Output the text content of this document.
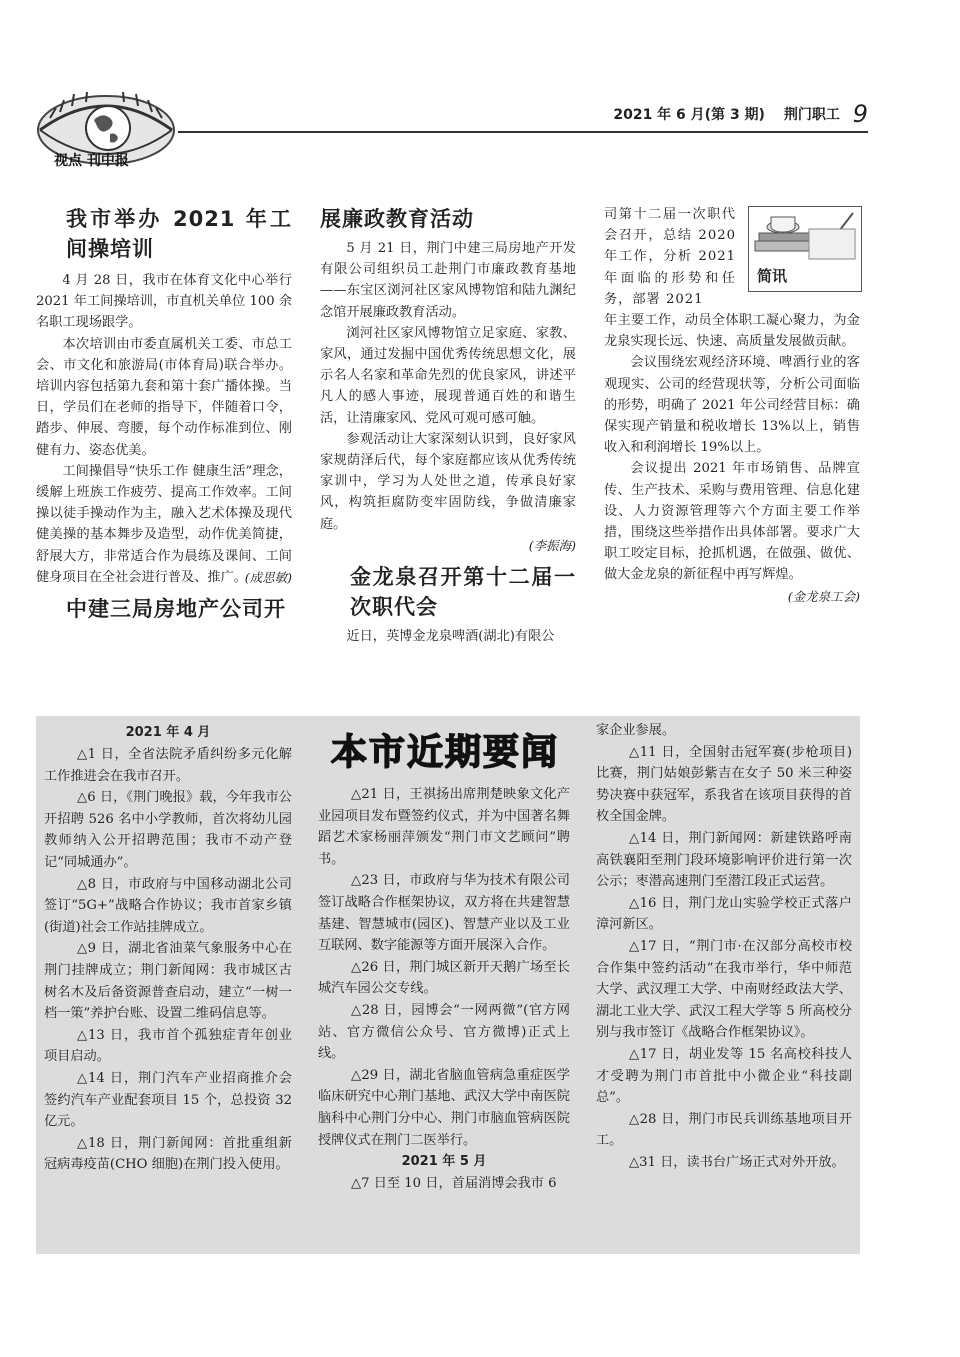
视点 刊中报
2021 年 6 月(第 3 期) 荆门职工 9
我市举办 2021 年工间操培训

4 月 28 日，我市在体育文化中心举行 2021 年工间操培训，市直机关单位 100 余名职工现场跟学。

本次培训由市委直属机关工委、市总工会、市文化和旅游局(市体育局)联合举办。培训内容包括第九套和第十套广播体操。当日，学员们在老师的指导下，伴随着口令，踏步、伸展、弯腰，每个动作标准到位、刚健有力、姿态优美。

工间操倡导“快乐工作 健康生活”理念，缓解上班族工作疲劳、提高工作效率。工间操以徒手操动作为主，融入艺术体操及现代健美操的基本舞步及造型，动作优美简捷，舒展大方，非常适合作为晨练及课间、工间健身项目在全社会进行普及、推广。

(成思敏)
中建三局房地产公司开
展廉政教育活动

5 月 21 日，荆门中建三局房地产开发有限公司组织员工赴荆门市廉政教育基地——东宝区浏河社区家风博物馆和陆九渊纪念馆开展廉政教育活动。

浏河社区家风博物馆立足家庭、家教、家风，通过发掘中国优秀传统思想文化，展示名人名家和革命先烈的优良家风，讲述平凡人的感人事迹，展现普通百姓的和谐生活，让清廉家风、党风可观可感可触。

参观活动让大家深刻认识到，良好家风家规荫泽后代，每个家庭都应该从优秀传统家训中，学习为人处世之道，传承良好家风，构筑拒腐防变牢固防线，争做清廉家庭。

(李振海)
金龙泉召开第十二届一次职代会

近日，英博金龙泉啤酒(湖北)有限公

简讯

司第十二届一次职代会召开，总结 2020 年工作，分析 2021 年面临的形势和任务，部署 2021

年主要工作，动员全体职工凝心聚力，为金龙泉实现长远、快速、高质量发展做贡献。

会议围绕宏观经济环境、啤酒行业的客观现实、公司的经营现状等，分析公司面临的形势，明确了 2021 年公司经营目标：确保实现产销量和税收增长 13%以上，销售收入和利润增长 19%以上。

会议提出 2021 年市场销售、品牌宣传、生产技术、采购与费用管理、信息化建设、人力资源管理等六个方面主要工作举措，围绕这些举措作出具体部署。要求广大职工咬定目标，抢抓机遇，在做强、做优、做大金龙泉的新征程中再写辉煌。

(金龙泉工会)
2021 年 4 月

△1 日，全省法院矛盾纠纷多元化解工作推进会在我市召开。

△6 日，《荆门晚报》载，今年我市公开招聘 526 名中小学教师，首次将幼儿园教师纳入公开招聘范围；我市不动产登记“同城通办”。

△8 日，市政府与中国移动湖北公司签订“5G+”战略合作协议；我市首家乡镇(街道)社会工作站挂牌成立。

△9 日，湖北省油菜气象服务中心在荆门挂牌成立；荆门新闻网：我市城区古树名木及后备资源普查启动，建立“一树一档一策”养护台账、设置二维码信息等。

△13 日，我市首个孤独症青年创业项目启动。

△14 日，荆门汽车产业招商推介会签约汽车产业配套项目 15 个，总投资 32 亿元。

△18 日，荆门新闻网：首批重组新冠病毒疫苗(CHO 细胞)在荆门投入使用。

本市近期要闻

△21 日，王祺扬出席荆楚映象文化产业园项目发布暨签约仪式，并为中国著名舞蹈艺术家杨丽萍颁发“荆门市文艺顾问”聘书。

△23 日，市政府与华为技术有限公司签订战略合作框架协议，双方将在共建智慧基建、智慧城市(园区)、智慧产业以及工业互联网、数字能源等方面开展深入合作。

△26 日，荆门城区新开天鹅广场至长城汽车园公交专线。

△28 日，园博会“一网两微”(官方网站、官方微信公众号、官方微博)正式上线。

△29 日，湖北省脑血管病急重症医学临床研究中心荆门基地、武汉大学中南医院脑科中心荆门分中心、荆门市脑血管病医院授牌仪式在荆门二医举行。

2021 年 5 月

△7 日至 10 日，首届消博会我市 6

家企业参展。

△11 日，全国射击冠军赛(步枪项目)比赛，荆门姑娘彭紫吉在女子 50 米三种姿势决赛中获冠军，系我省在该项目获得的首枚全国金牌。

△14 日，荆门新闻网：新建铁路呼南高铁襄阳至荆门段环境影响评价进行第一次公示；枣潜高速荆门至潜江段正式运营。

△16 日，荆门龙山实验学校正式落户漳河新区。

△17 日，“荆门市·在汉部分高校市校合作集中签约活动”在我市举行，华中师范大学、武汉理工大学、中南财经政法大学、湖北工业大学、武汉工程大学等 5 所高校分别与我市签订《战略合作框架协议》。

△17 日，胡业发等 15 名高校科技人才受聘为荆门市首批中小微企业“科技副总”。

△28 日，荆门市民兵训练基地项目开工。

△31 日，读书台广场正式对外开放。
